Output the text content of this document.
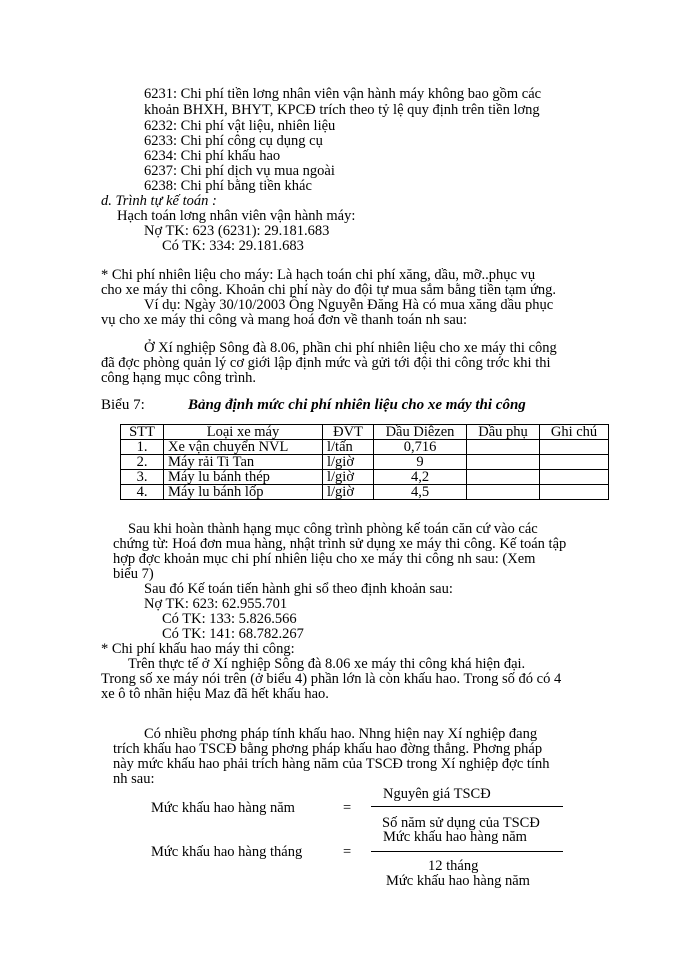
6231: Chi phí tiền lơng nhân viên vận hành máy không bao gồm các
khoản BHXH, BHYT, KPCĐ trích theo tỷ lệ quy định trên tiền lơng
6232: Chi phí vật liệu, nhiên liệu
6233: Chi phí công cụ dụng cụ
6234: Chi phí khấu hao
6237: Chi phí dịch vụ mua ngoài
6238: Chi phí bằng tiền khác
d. Trình tự kế toán :
Hạch toán lơng nhân viên vận hành máy:
Nợ TK: 623 (6231): 29.181.683
Có TK: 334: 29.181.683
* Chi phí nhiên liệu cho máy: Là hạch toán chi phí xăng, dầu, mỡ..phục vụ
cho xe máy thi công. Khoản chi phí này do đội tự mua sắm bằng tiền tạm ứng.
Ví dụ: Ngày 30/10/2003 Ông Nguyễn Đăng Hà có mua xăng dầu phục
vụ cho xe máy thi công và mang hoá đơn về thanh toán nh sau:
Ở Xí nghiệp Sông đà 8.06, phần chi phí nhiên liệu cho xe máy thi công
đã đợc phòng quản lý cơ giới lập định mức và gửi tới đội thi công trớc khi thi
công hạng mục công trình.
Biểu 7:	Bảng định mức chi phí nhiên liệu cho xe máy thi công
STT	Loại xe máy	ĐVT	Dầu Diêzen	Dầu phụ	Ghi chú
1.	Xe vận chuyển NVL	l/tấn	0,716		
2.	Máy rải Ti Tan	l/giờ	9		
3.	Máy lu bánh thép	l/giờ	4,2		
4.	Máy lu bánh lốp	l/giờ	4,5		
Sau khi hoàn thành hạng mục công trình phòng kế toán căn cứ vào các
chứng từ: Hoá đơn mua hàng, nhật trình sử dụng xe máy thi công. Kế toán tập
hợp đợc khoản mục chi phí nhiên liệu cho xe máy thi công nh sau: (Xem
biểu 7)
Sau đó Kế toán tiến hành ghi sổ theo định khoản sau:
Nợ TK: 623: 62.955.701
Có TK: 133: 5.826.566
Có TK: 141: 68.782.267
* Chi phí khấu hao máy thi công:
Trên thực tế ở Xí nghiệp Sông đà 8.06 xe máy thi công khá hiện đại.
Trong số xe máy nói trên (ở biểu 4) phần lớn là còn khấu hao. Trong số đó có 4
xe ô tô nhãn hiệu Maz đã hết khấu hao.
Có nhiều phơng pháp tính khấu hao. Nhng hiện nay Xí nghiệp đang
trích khấu hao TSCĐ bằng phơng pháp khấu hao đờng thẳng. Phơng pháp
này mức khấu hao phải trích hàng năm của TSCĐ trong Xí nghiệp đợc tính
nh sau:
Nguyên giá TSCĐ
Mức khấu hao hàng năm	=
Số năm sử dụng của TSCĐ
Mức khấu hao hàng năm
Mức khấu hao hàng tháng	=
12 tháng
Mức khấu hao hàng năm
